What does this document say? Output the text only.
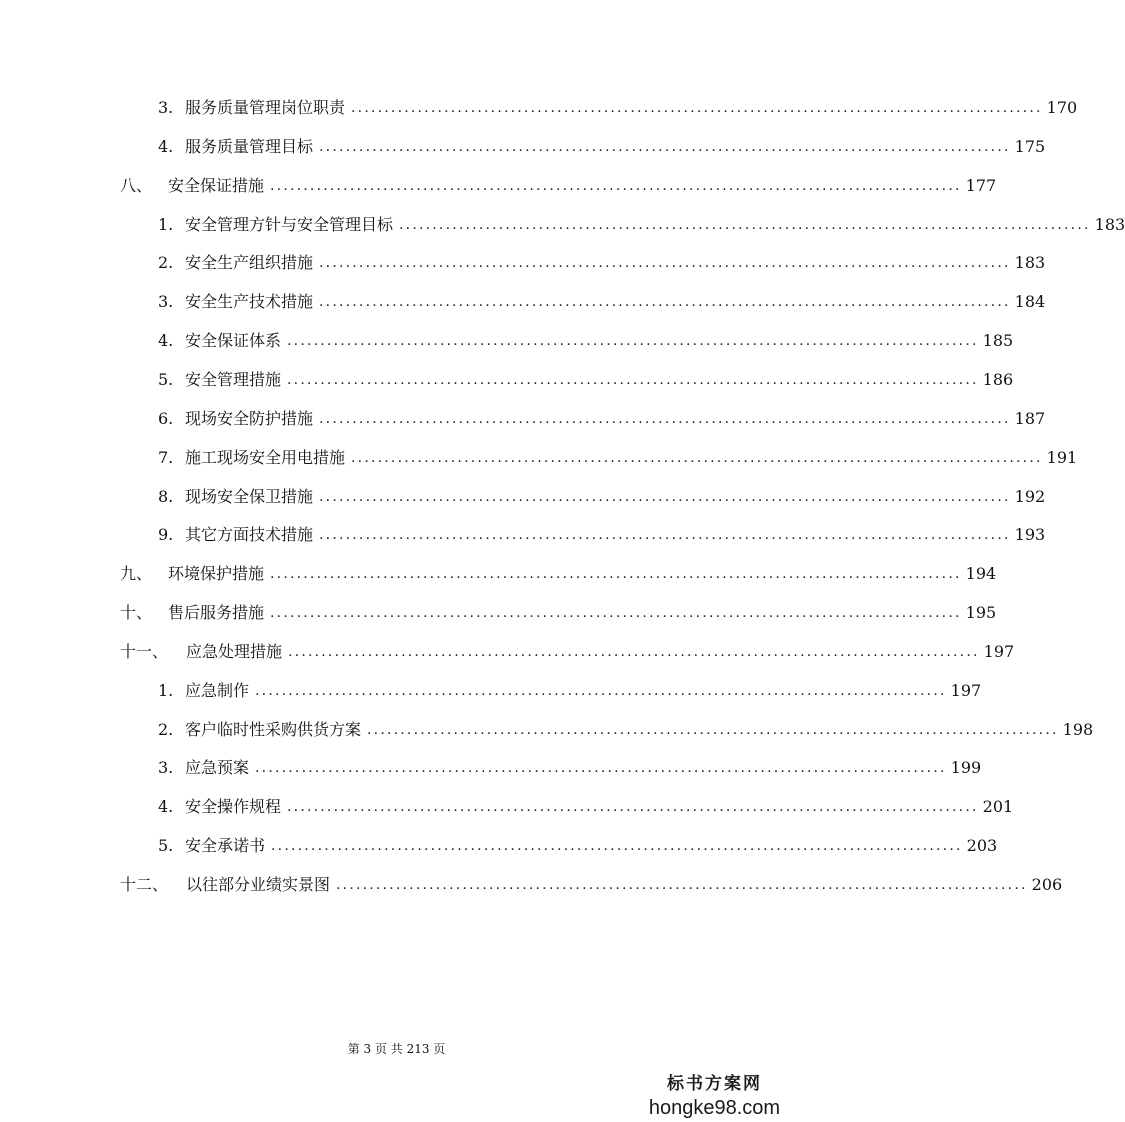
3. 服务质量管理岗位职责 ........................................................................................................ 170
4. 服务质量管理目标 ........................................................................................................ 175
八、 安全保证措施 ........................................................................................................ 177
1. 安全管理方针与安全管理目标 ........................................................................................................ 183
2. 安全生产组织措施 ........................................................................................................ 183
3. 安全生产技术措施 ........................................................................................................ 184
4. 安全保证体系 ........................................................................................................ 185
5. 安全管理措施 ........................................................................................................ 186
6. 现场安全防护措施 ........................................................................................................ 187
7. 施工现场安全用电措施 ........................................................................................................ 191
8. 现场安全保卫措施 ........................................................................................................ 192
9. 其它方面技术措施 ........................................................................................................ 193
九、 环境保护措施 ........................................................................................................ 194
十、 售后服务措施 ........................................................................................................ 195
十一、	应急处理措施 ........................................................................................................ 197
1. 应急制作 ........................................................................................................ 197
2. 客户临时性采购供货方案 ........................................................................................................ 198
3. 应急预案 ........................................................................................................ 199
4. 安全操作规程 ........................................................................................................ 201
5. 安全承诺书 ........................................................................................................ 203
十二、	以往部分业绩实景图 ........................................................................................................ 206
第 3 页 共 213 页
标书方案网
hongke98.com
